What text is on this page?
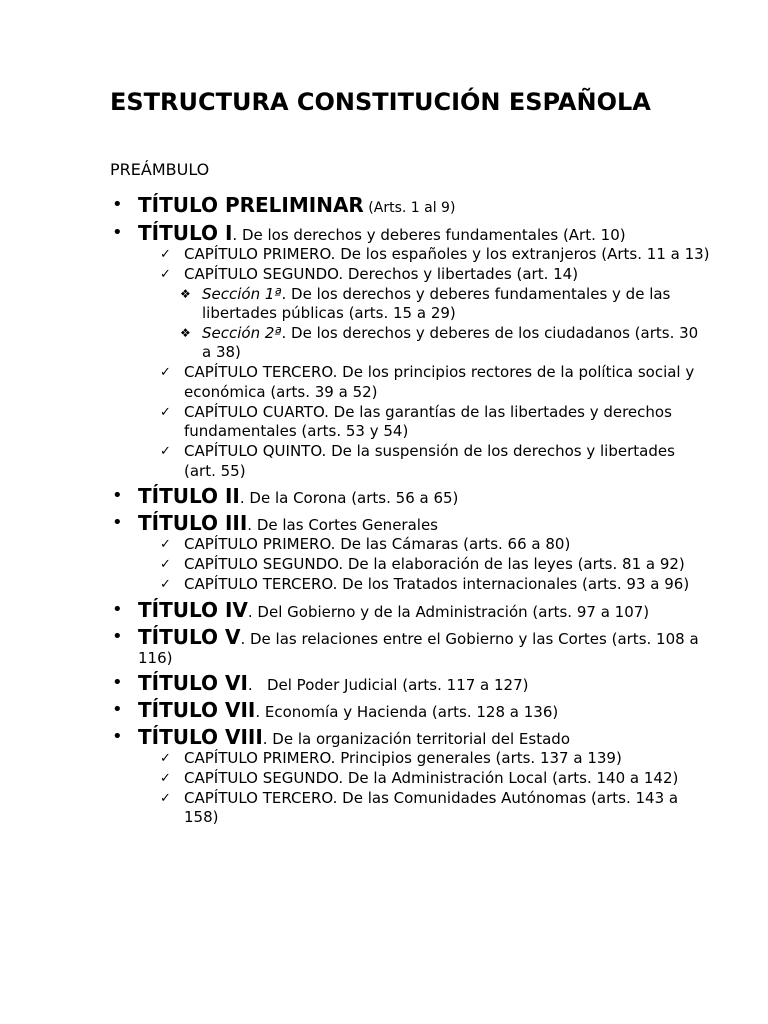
ESTRUCTURA CONSTITUCIÓN ESPAÑOLA
PREÁMBULO
• TÍTULO PRELIMINAR (Arts. 1 al 9)
• TÍTULO I. De los derechos y deberes fundamentales (Art. 10)
✓ CAPÍTULO PRIMERO. De los españoles y los extranjeros (Arts. 11 a 13)
✓ CAPÍTULO SEGUNDO. Derechos y libertades (art. 14)
❖ Sección 1ª. De los derechos y deberes fundamentales y de las libertades públicas (arts. 15 a 29)
❖ Sección 2ª. De los derechos y deberes de los ciudadanos (arts. 30 a 38)
✓ CAPÍTULO TERCERO. De los principios rectores de la política social y       económica (arts. 39 a 52)
✓ CAPÍTULO CUARTO. De las garantías de las libertades y derechos fundamentales (arts. 53 y 54)
✓ CAPÍTULO QUINTO. De la suspensión de los derechos y libertades (art. 55)
• TÍTULO II. De la Corona (arts. 56 a 65)
• TÍTULO III. De las Cortes Generales
✓ CAPÍTULO PRIMERO. De las Cámaras (arts. 66 a 80)
✓ CAPÍTULO SEGUNDO. De la elaboración de las leyes (arts. 81 a 92)
✓ CAPÍTULO TERCERO. De los Tratados internacionales (arts. 93 a 96)
• TÍTULO IV. Del Gobierno y de la Administración (arts. 97 a 107)
• TÍTULO V. De las relaciones entre el Gobierno y las Cortes (arts. 108 a 116)
• TÍTULO VI.   Del Poder Judicial (arts. 117 a 127)
• TÍTULO VII. Economía y Hacienda (arts. 128 a 136)
• TÍTULO VIII. De la organización territorial del Estado
✓ CAPÍTULO PRIMERO. Principios generales (arts. 137 a 139)
✓ CAPÍTULO SEGUNDO. De la Administración Local (arts. 140 a 142)
✓ CAPÍTULO TERCERO. De las Comunidades Autónomas (arts. 143 a 158)
